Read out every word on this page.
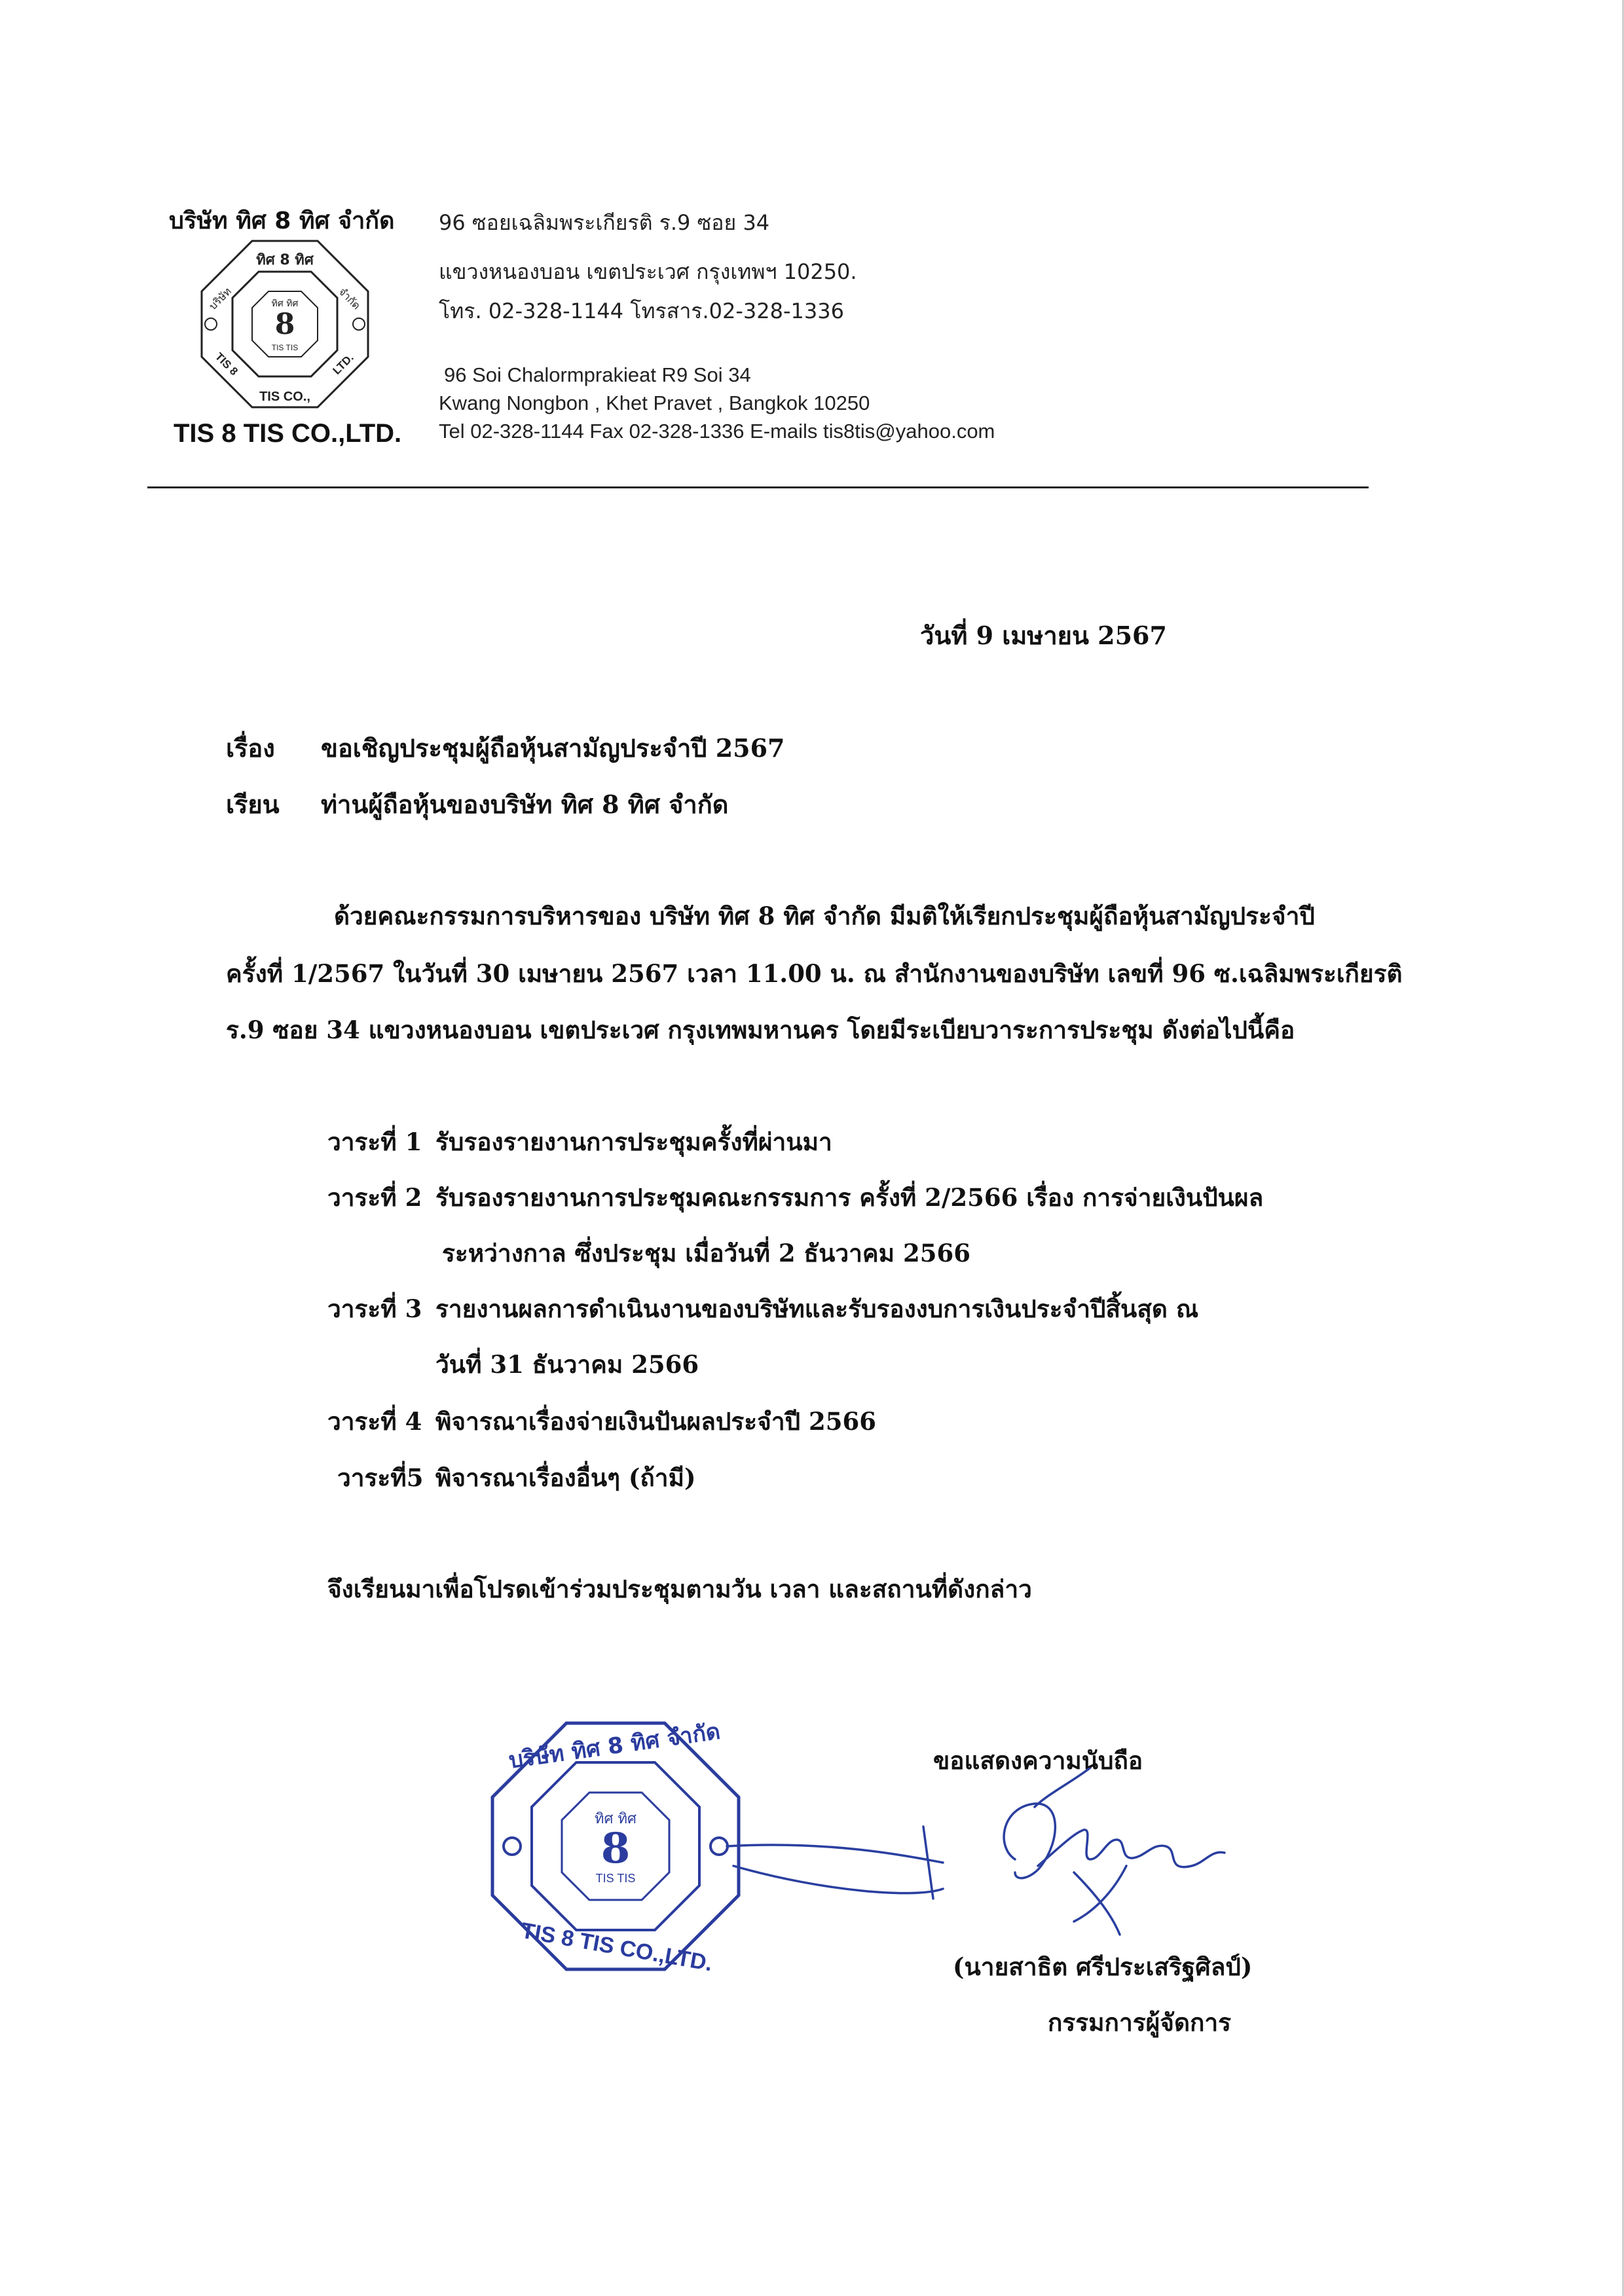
บริษัท ทิศ 8 ทิศ จำกัด
ทิศ 8 ทิศ
TIS CO.,
บริษัท	จำกัด
TIS 8	LTD.
ทิศ ทิศ
8
TIS TIS
TIS 8 TIS CO.,LTD.
96 ซอยเฉลิมพระเกียรติ ร.9 ซอย 34
แขวงหนองบอน เขตประเวศ กรุงเทพฯ 10250.
โทร. 02-328-1144 โทรสาร.02-328-1336
96 Soi Chalormprakieat R9 Soi 34
Kwang Nongbon , Khet Pravet , Bangkok 10250
Tel 02-328-1144 Fax 02-328-1336 E-mails tis8tis@yahoo.com
วันที่ 9 เมษายน 2567
เรื่อง ขอเชิญประชุมผู้ถือหุ้นสามัญประจำปี 2567
เรียน ท่านผู้ถือหุ้นของบริษัท ทิศ 8 ทิศ จำกัด
ด้วยคณะกรรมการบริหารของ บริษัท ทิศ 8 ทิศ จำกัด มีมติให้เรียกประชุมผู้ถือหุ้นสามัญประจำปี
ครั้งที่ 1/2567 ในวันที่ 30 เมษายน 2567 เวลา 11.00 น. ณ สำนักงานของบริษัท เลขที่ 96 ซ.เฉลิมพระเกียรติ
ร.9 ซอย 34 แขวงหนองบอน เขตประเวศ กรุงเทพมหานคร โดยมีระเบียบวาระการประชุม ดังต่อไปนี้คือ
วาระที่ 1 รับรองรายงานการประชุมครั้งที่ผ่านมา
วาระที่ 2 รับรองรายงานการประชุมคณะกรรมการ ครั้งที่ 2/2566 เรื่อง การจ่ายเงินปันผล
ระหว่างกาล ซึ่งประชุม เมื่อวันที่ 2 ธันวาคม 2566
วาระที่ 3 รายงานผลการดำเนินงานของบริษัทและรับรองงบการเงินประจำปีสิ้นสุด ณ
วันที่ 31 ธันวาคม 2566
วาระที่ 4 พิจารณาเรื่องจ่ายเงินปันผลประจำปี 2566
วาระที่5 พิจารณาเรื่องอื่นๆ (ถ้ามี)
จึงเรียนมาเพื่อโปรดเข้าร่วมประชุมตามวัน เวลา และสถานที่ดังกล่าว
บริษัท ทิศ 8 ทิศ จำกัด
TIS 8 TIS CO.,LTD.
ทิศ ทิศ
8
TIS TIS
ขอแสดงความนับถือ
(นายสาธิต ศรีประเสริฐศิลป์)
กรรมการผู้จัดการ
